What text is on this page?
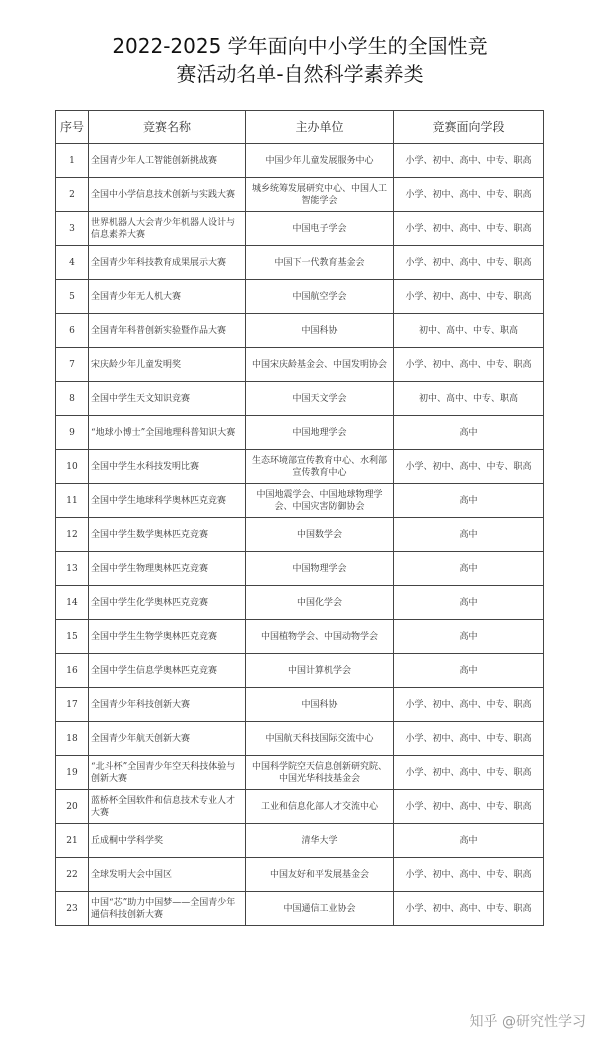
2022-2025 学年面向中小学生的全国性竞
赛活动名单-自然科学素养类
序号	竞赛名称	主办单位	竞赛面向学段
1	全国青少年人工智能创新挑战赛	中国少年儿童发展服务中心	小学、初中、高中、中专、职高
2	全国中小学信息技术创新与实践大赛	城乡统筹发展研究中心、中国人工智能学会	小学、初中、高中、中专、职高
3	世界机器人大会青少年机器人设计与信息素养大赛	中国电子学会	小学、初中、高中、中专、职高
4	全国青少年科技教育成果展示大赛	中国下一代教育基金会	小学、初中、高中、中专、职高
5	全国青少年无人机大赛	中国航空学会	小学、初中、高中、中专、职高
6	全国青年科普创新实验暨作品大赛	中国科协	初中、高中、中专、职高
7	宋庆龄少年儿童发明奖	中国宋庆龄基金会、中国发明协会	小学、初中、高中、中专、职高
8	全国中学生天文知识竞赛	中国天文学会	初中、高中、中专、职高
9	“地球小博士”全国地理科普知识大赛	中国地理学会	高中
10	全国中学生水科技发明比赛	生态环境部宣传教育中心、水利部宣传教育中心	小学、初中、高中、中专、职高
11	全国中学生地球科学奥林匹克竞赛	中国地震学会、中国地球物理学会、中国灾害防御协会	高中
12	全国中学生数学奥林匹克竞赛	中国数学会	高中
13	全国中学生物理奥林匹克竞赛	中国物理学会	高中
14	全国中学生化学奥林匹克竞赛	中国化学会	高中
15	全国中学生生物学奥林匹克竞赛	中国植物学会、中国动物学会	高中
16	全国中学生信息学奥林匹克竞赛	中国计算机学会	高中
17	全国青少年科技创新大赛	中国科协	小学、初中、高中、中专、职高
18	全国青少年航天创新大赛	中国航天科技国际交流中心	小学、初中、高中、中专、职高
19	“北斗杯”全国青少年空天科技体验与创新大赛	中国科学院空天信息创新研究院、中国光华科技基金会	小学、初中、高中、中专、职高
20	蓝桥杯全国软件和信息技术专业人才大赛	工业和信息化部人才交流中心	小学、初中、高中、中专、职高
21	丘成桐中学科学奖	清华大学	高中
22	全球发明大会中国区	中国友好和平发展基金会	小学、初中、高中、中专、职高
23	中国“芯”助力中国梦——全国青少年通信科技创新大赛	中国通信工业协会	小学、初中、高中、中专、职高
知乎 @研究性学习
